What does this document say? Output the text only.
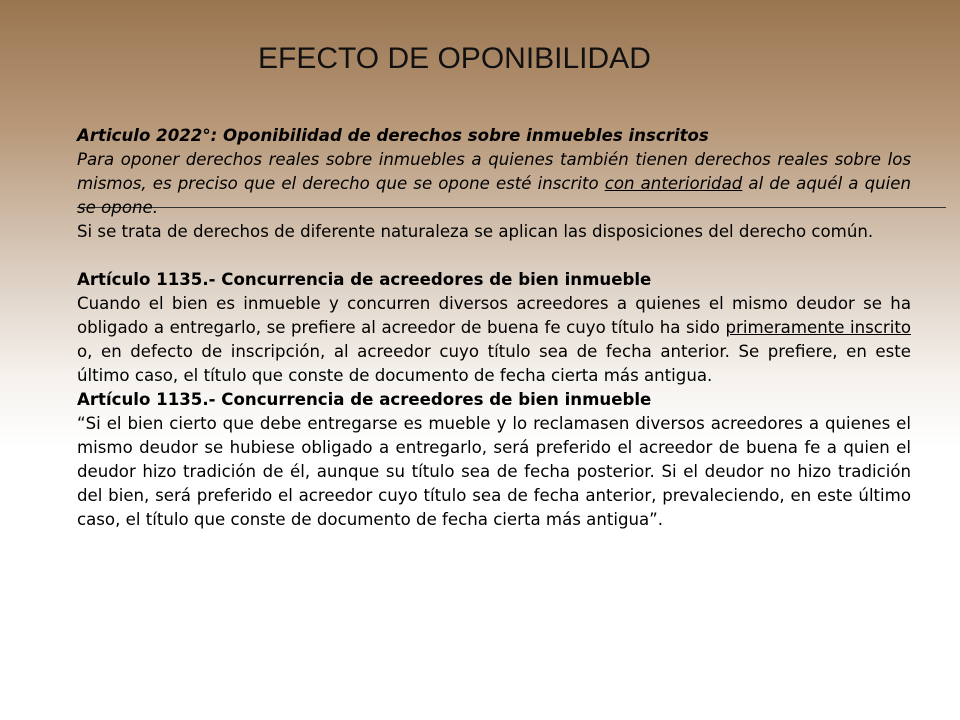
EFECTO DE OPONIBILIDAD

Articulo 2022°: Oponibilidad de derechos sobre inmuebles inscritos

Para oponer derechos reales sobre inmuebles a quienes también tienen derechos reales sobre los mismos, es preciso que el derecho que se opone esté inscrito con anterioridad al de aquél a quien se opone.

Si se trata de derechos de diferente naturaleza se aplican las disposiciones del derecho común.

Artículo 1135.- Concurrencia de acreedores de bien inmueble

Cuando el bien es inmueble y concurren diversos acreedores a quienes el mismo deudor se ha obligado a entregarlo, se prefiere al acreedor de buena fe cuyo título ha sido primeramente inscrito o, en defecto de inscripción, al acreedor cuyo título sea de fecha anterior. Se prefiere, en este último caso, el título que conste de documento de fecha cierta más antigua.

Artículo 1135.- Concurrencia de acreedores de bien inmueble

“Si el bien cierto que debe entregarse es mueble y lo reclamasen diversos acreedores a quienes el mismo deudor se hubiese obligado a entregarlo, será preferido el acreedor de buena fe a quien el deudor hizo tradición de él, aunque su título sea de fecha posterior. Si el deudor no hizo tradición del bien, será preferido el acreedor cuyo título sea de fecha anterior, prevaleciendo, en este último caso, el título que conste de documento de fecha cierta más antigua”.
